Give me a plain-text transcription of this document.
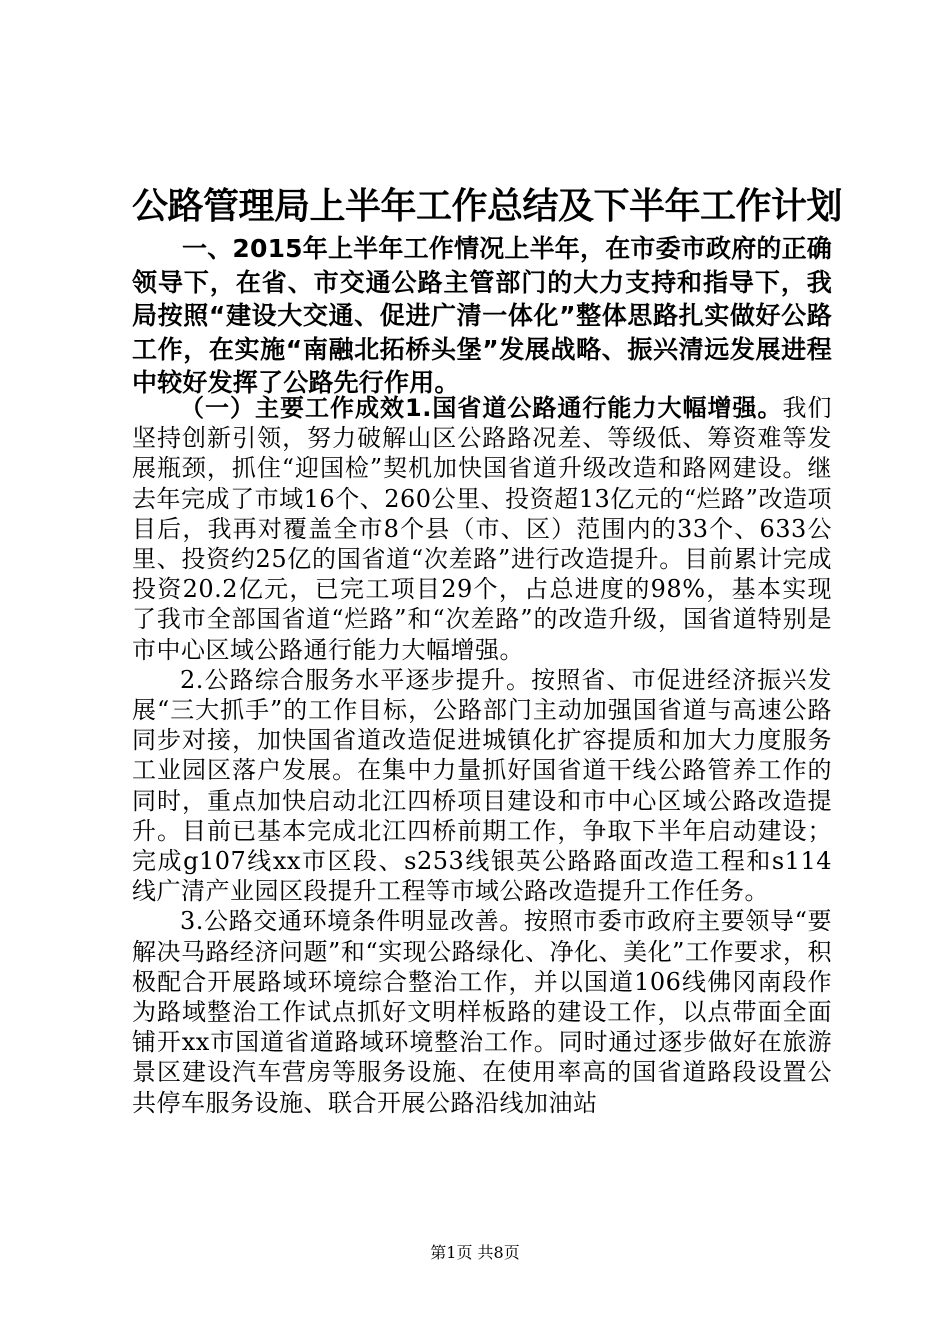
公路管理局上半年工作总结及下半年工作计划

一、2015年上半年工作情况上半年，在市委市政府的正确领导下，在省、市交通公路主管部门的大力支持和指导下，我局按照“建设大交通、促进广清一体化”整体思路扎实做好公路工作，在实施“南融北拓桥头堡”发展战略、振兴清远发展进程中较好发挥了公路先行作用。

（一）主要工作成效1.国省道公路通行能力大幅增强。我们坚持创新引领，努力破解山区公路路况差、等级低、筹资难等发展瓶颈，抓住“迎国检”契机加快国省道升级改造和路网建设。继去年完成了市域16个、260公里、投资超13亿元的“烂路”改造项目后，我再对覆盖全市8个县（市、区）范围内的33个、633公里、投资约25亿的国省道“次差路”进行改造提升。目前累计完成投资20.2亿元，已完工项目29个，占总进度的98%，基本实现了我市全部国省道“烂路”和“次差路”的改造升级，国省道特别是市中心区域公路通行能力大幅增强。

2.公路综合服务水平逐步提升。按照省、市促进经济振兴发展“三大抓手”的工作目标，公路部门主动加强国省道与高速公路同步对接，加快国省道改造促进城镇化扩容提质和加大力度服务工业园区落户发展。在集中力量抓好国省道干线公路管养工作的同时，重点加快启动北江四桥项目建设和市中心区域公路改造提升。目前已基本完成北江四桥前期工作，争取下半年启动建设；完成g107线xx市区段、s253线银英公路路面改造工程和s114线广清产业园区段提升工程等市域公路改造提升工作任务。

3.公路交通环境条件明显改善。按照市委市政府主要领导“要解决马路经济问题”和“实现公路绿化、净化、美化”工作要求，积极配合开展路域环境综合整治工作，并以国道106线佛冈南段作为路域整治工作试点抓好文明样板路的建设工作，以点带面全面铺开xx市国道省道路域环境整治工作。同时通过逐步做好在旅游景区建设汽车营房等服务设施、在使用率高的国省道路段设置公共停车服务设施、联合开展公路沿线加油站

第1页 共8页
